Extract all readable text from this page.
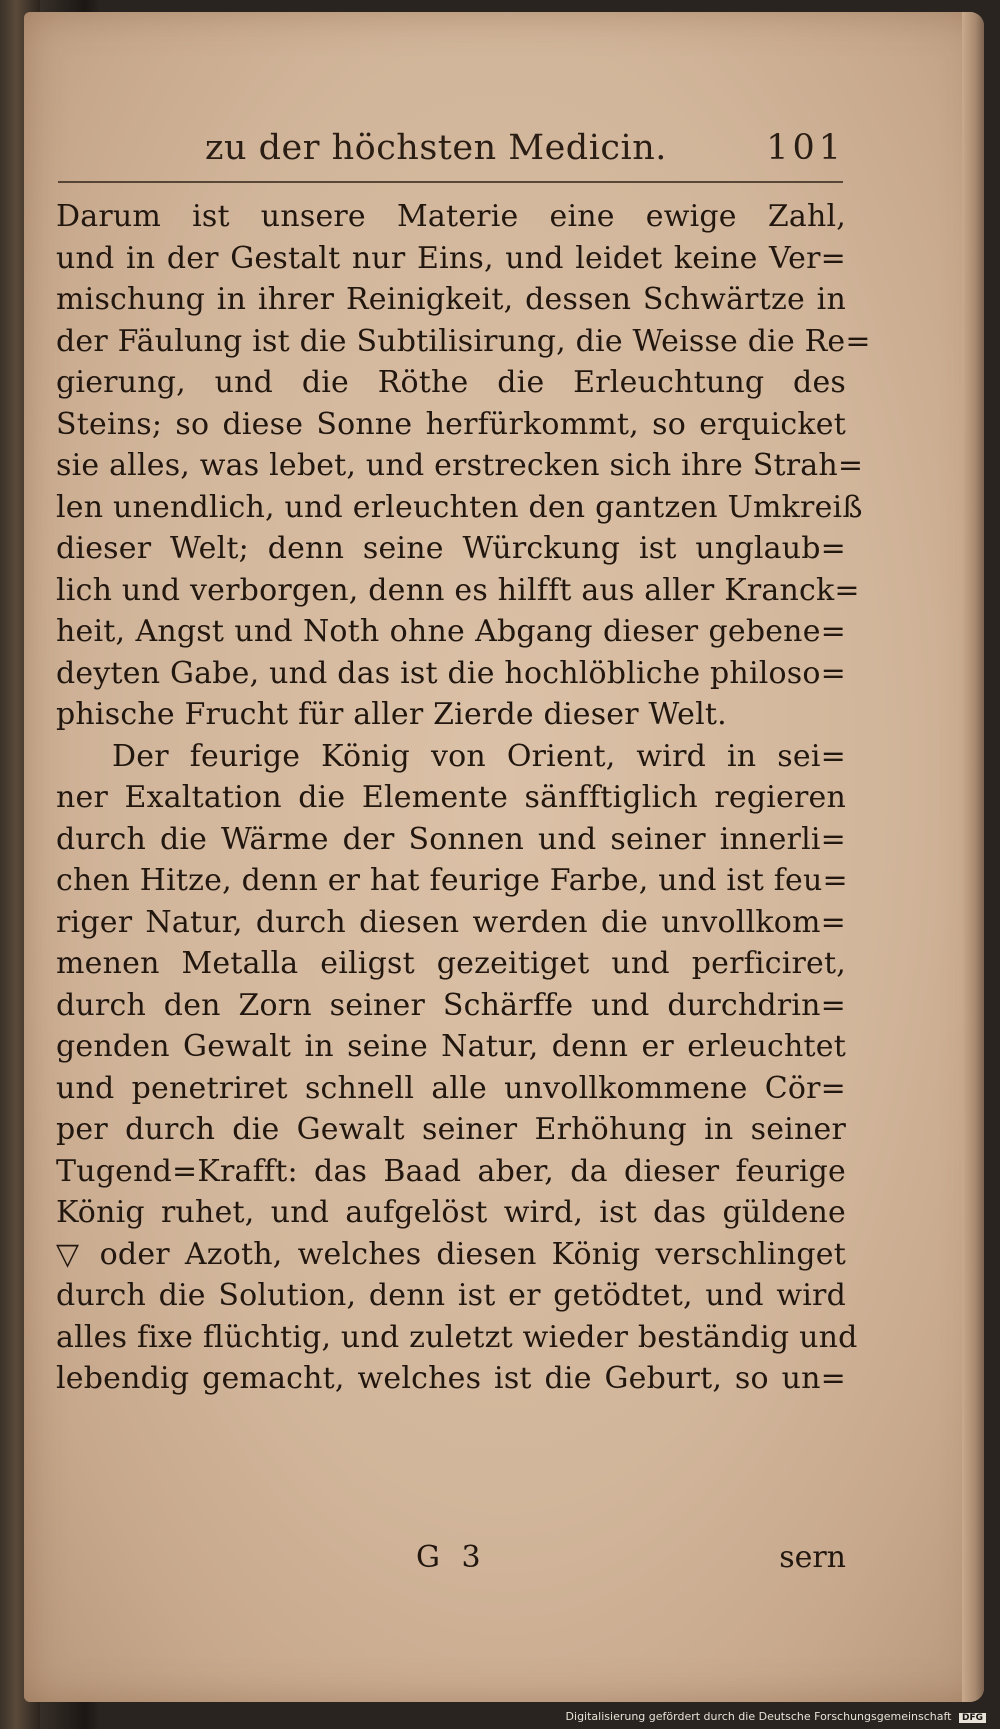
zu der höchsten Medicin.	101
Darum ist unsere Materie eine ewige Zahl,
und in der Gestalt nur Eins, und leidet keine Ver=
mischung in ihrer Reinigkeit, dessen Schwärtze in
der Fäulung ist die Subtilisirung, die Weisse die Re=
gierung, und die Röthe die Erleuchtung des
Steins; so diese Sonne herfürkommt, so erquicket
sie alles, was lebet, und erstrecken sich ihre Strah=
len unendlich, und erleuchten den gantzen Umkreiß
dieser Welt; denn seine Würckung ist unglaub=
lich und verborgen, denn es hilfft aus aller Kranck=
heit, Angst und Noth ohne Abgang dieser gebene=
deyten Gabe, und das ist die hochlöbliche philoso=
phische Frucht für aller Zierde dieser Welt.
Der feurige König von Orient, wird in sei=
ner Exaltation die Elemente sänfftiglich regieren
durch die Wärme der Sonnen und seiner innerli=
chen Hitze, denn er hat feurige Farbe, und ist feu=
riger Natur, durch diesen werden die unvollkom=
menen Metalla eiligst gezeitiget und perficiret,
durch den Zorn seiner Schärffe und durchdrin=
genden Gewalt in seine Natur, denn er erleuchtet
und penetriret schnell alle unvollkommene Cör=
per durch die Gewalt seiner Erhöhung in seiner
Tugend=Krafft: das Baad aber, da dieser feurige
König ruhet, und aufgelöst wird, ist das güldene
▽ oder Azoth, welches diesen König verschlinget
durch die Solution, denn ist er getödtet, und wird
alles fixe flüchtig, und zuletzt wieder beständig und
lebendig gemacht, welches ist die Geburt, so un=
G 3	sern
Digitalisierung gefördert durch die Deutsche Forschungsgemeinschaft DFG
